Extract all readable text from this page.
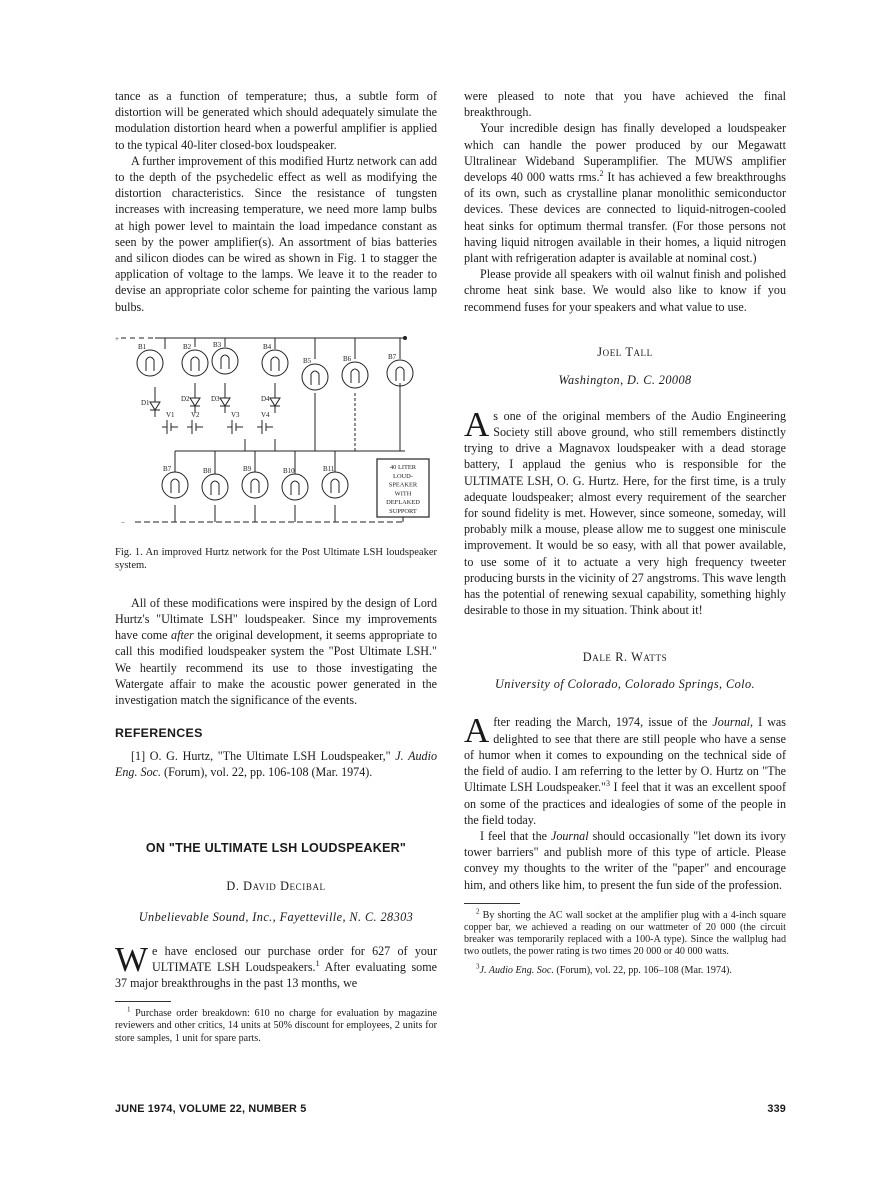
tance as a function of temperature; thus, a subtle form of distortion will be generated which should adequately simulate the modulation distortion heard when a powerful amplifier is applied to the typical 40-liter closed-box loudspeaker.

A further improvement of this modified Hurtz network can add to the depth of the psychedelic effect as well as modifying the distortion characteristics. Since the resistance of tungsten increases with increasing temperature, we need more lamp bulbs at high power level to maintain the load impedance constant as seen by the power amplifier(s). An assortment of bias batteries and silicon diodes can be wired as shown in Fig. 1 to stagger the application of voltage to the lamps. We leave it to the reader to devise an appropriate color scheme for painting the various lamp bulbs.

+
B1	B2	B3	B4
B5	B6	B7
D1	D2	D3	D4
V1 V2	V3	V4
B7	B8	B9	B10	B11	40 LITER
LOUD-
SPEAKER
WITH
DEFLAKED
SUPPORT
−
Fig. 1. An improved Hurtz network for the Post Ultimate LSH loudspeaker system.

All of these modifications were inspired by the design of Lord Hurtz's "Ultimate LSH" loudspeaker. Since my improvements have come after the original development, it seems appropriate to call this modified loudspeaker system the "Post Ultimate LSH." We heartily recommend its use to those investigating the Watergate affair to make the acoustic power generated in the investigation match the significance of the events.

REFERENCES

[1] O. G. Hurtz, "The Ultimate LSH Loudspeaker," J. Audio Eng. Soc. (Forum), vol. 22, pp. 106-108 (Mar. 1974).

ON "THE ULTIMATE LSH LOUDSPEAKER"
D. David Decibal
Unbelievable Sound, Inc., Fayetteville, N. C. 28303

We have enclosed our purchase order for 627 of your ULTIMATE LSH Loudspeakers.$^1$ After evaluating some 37 major breakthroughs in the past 13 months, we

$^1$ Purchase order breakdown: 610 no charge for evaluation by magazine reviewers and other critics, 14 units at 50% discount for employees, 2 units for store samples, 1 unit for spare parts.

were pleased to note that you have achieved the final breakthrough.

Your incredible design has finally developed a loudspeaker which can handle the power produced by our Megawatt Ultralinear Wideband Superamplifier. The MUWS amplifier develops 40 000 watts rms.$^2$ It has achieved a few breakthroughs of its own, such as crystalline planar monolithic semiconductor devices. These devices are connected to liquid-nitrogen-cooled heat sinks for optimum thermal transfer. (For those persons not having liquid nitrogen available in their homes, a liquid nitrogen plant with refrigeration adapter is available at nominal cost.)

Please provide all speakers with oil walnut finish and polished chrome heat sink base. We would also like to know if you recommend fuses for your speakers and what value to use.

Joel Tall
Washington, D. C. 20008

As one of the original members of the Audio Engineering Society still above ground, who still remembers distinctly trying to drive a Magnavox loudspeaker with a dead storage battery, I applaud the genius who is responsible for the ULTIMATE LSH, O. G. Hurtz. Here, for the first time, is a truly adequate loudspeaker; almost every requirement of the searcher for sound fidelity is met. However, since someone, someday, will probably milk a mouse, please allow me to suggest one miniscule improvement. It would be so easy, with all that power available, to use some of it to actuate a very high frequency tweeter producing bursts in the vicinity of 27 angstroms. This wave length has the potential of renewing sexual capability, something highly desirable to those in my situation. Think about it!

Dale R. Watts
University of Colorado, Colorado Springs, Colo.

After reading the March, 1974, issue of the Journal, I was delighted to see that there are still people who have a sense of humor when it comes to expounding on the technical side of the field of audio. I am referring to the letter by O. Hurtz on "The Ultimate LSH Loudspeaker."$^3$ I feel that it was an excellent spoof on some of the practices and idealogies of some of the people in the field today.

I feel that the Journal should occasionally "let down its ivory tower barriers" and publish more of this type of article. Please convey my thoughts to the writer of the "paper" and encourage him, and others like him, to present the fun side of the profession.

$^2$ By shorting the AC wall socket at the amplifier plug with a 4-inch square copper bar, we achieved a reading on our wattmeter of 20 000 (the circuit breaker was temporarily replaced with a 100-A type). Since the wallplug had two outlets, the power rating is two times 20 000 or 40 000 watts.

$^3$J. Audio Eng. Soc. (Forum), vol. 22, pp. 106–108 (Mar. 1974).

JUNE 1974, VOLUME 22, NUMBER 5	339
